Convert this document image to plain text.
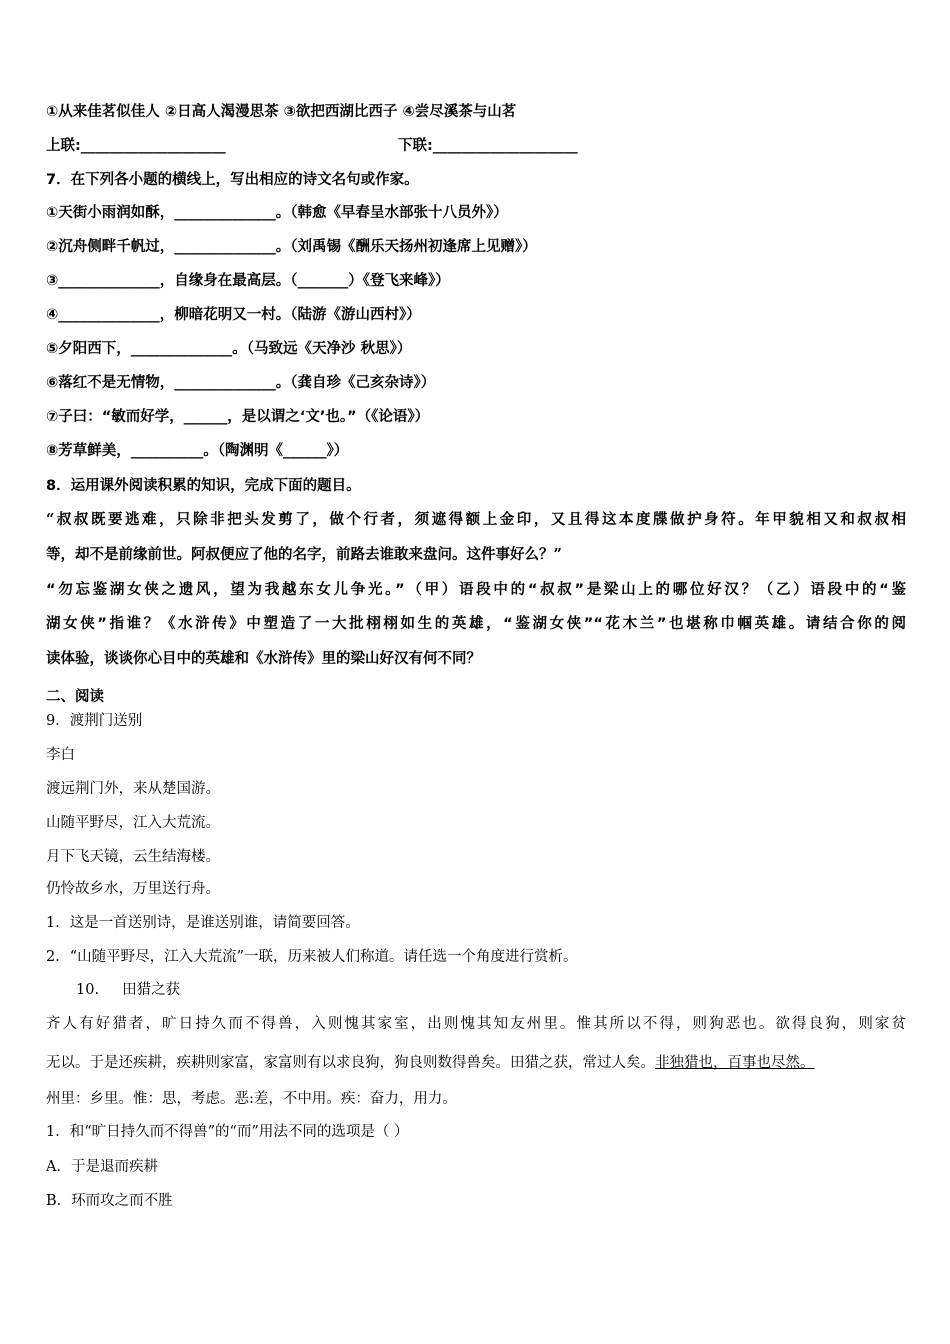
①从来佳茗似佳人 ②日高人渴漫思茶 ③欲把西湖比西子 ④尝尽溪茶与山茗
上联:____________________	下联:____________________
7．在下列各小题的横线上，写出相应的诗文名句或作家。
①天街小雨润如酥，______________。（韩愈《早春呈水部张十八员外》）
②沉舟侧畔千帆过，______________。（刘禹锡《酬乐天扬州初逢席上见赠》）
③______________，自缘身在最高层。（_______）《登飞来峰》）
④______________，柳暗花明又一村。（陆游《游山西村》）
⑤夕阳西下，______________。（马致远《天净沙 秋思》）
⑥落红不是无情物，______________。（龚自珍《己亥杂诗》）
⑦子曰：“敏而好学，______，是以谓之‘文’也。”（《论语》）
⑧芳草鲜美，__________。（陶渊明《______》）
8．运用课外阅读积累的知识，完成下面的题目。
“叔叔既要逃难，只除非把头发剪了，做个行者，须遮得额上金印，又且得这本度牒做护身符。年甲貌相又和叔叔相
等，却不是前缘前世。阿叔便应了他的名字，前路去谁敢来盘问。这件事好么？”
“勿忘鉴湖女侠之遗风，望为我越东女儿争光。”（甲）语段中的“叔叔”是梁山上的哪位好汉？（乙）语段中的“鉴
湖女侠”指谁？《水浒传》中塑造了一大批栩栩如生的英雄，“鉴湖女侠”“花木兰”也堪称巾帼英雄。请结合你的阅
读体验，谈谈你心目中的英雄和《水浒传》里的梁山好汉有何不同？
二、阅读
9．渡荆门送别
李白
渡远荆门外，来从楚国游。
山随平野尽，江入大荒流。
月下飞天镜，云生结海楼。
仍怜故乡水，万里送行舟。
1．这是一首送别诗，是谁送别谁，请简要回答。
2．“山随平野尽，江入大荒流”一联，历来被人们称道。请任选一个角度进行赏析。
10.     田猎之获
齐人有好猎者，旷日持久而不得兽，入则愧其家室，出则愧其知友州里。惟其所以不得，则狗恶也。欲得良狗，则家贫
无以。于是还疾耕，疾耕则家富，家富则有以求良狗，狗良则数得兽矣。田猎之获，常过人矣。非独猎也，百事也尽然。
州里：乡里。惟：思，考虑。恶:差，不中用。疾：奋力，用力。
1．和“旷日持久而不得兽”的“而”用法不同的选项是（ ）
A．于是退而疾耕
B．环而攻之而不胜
